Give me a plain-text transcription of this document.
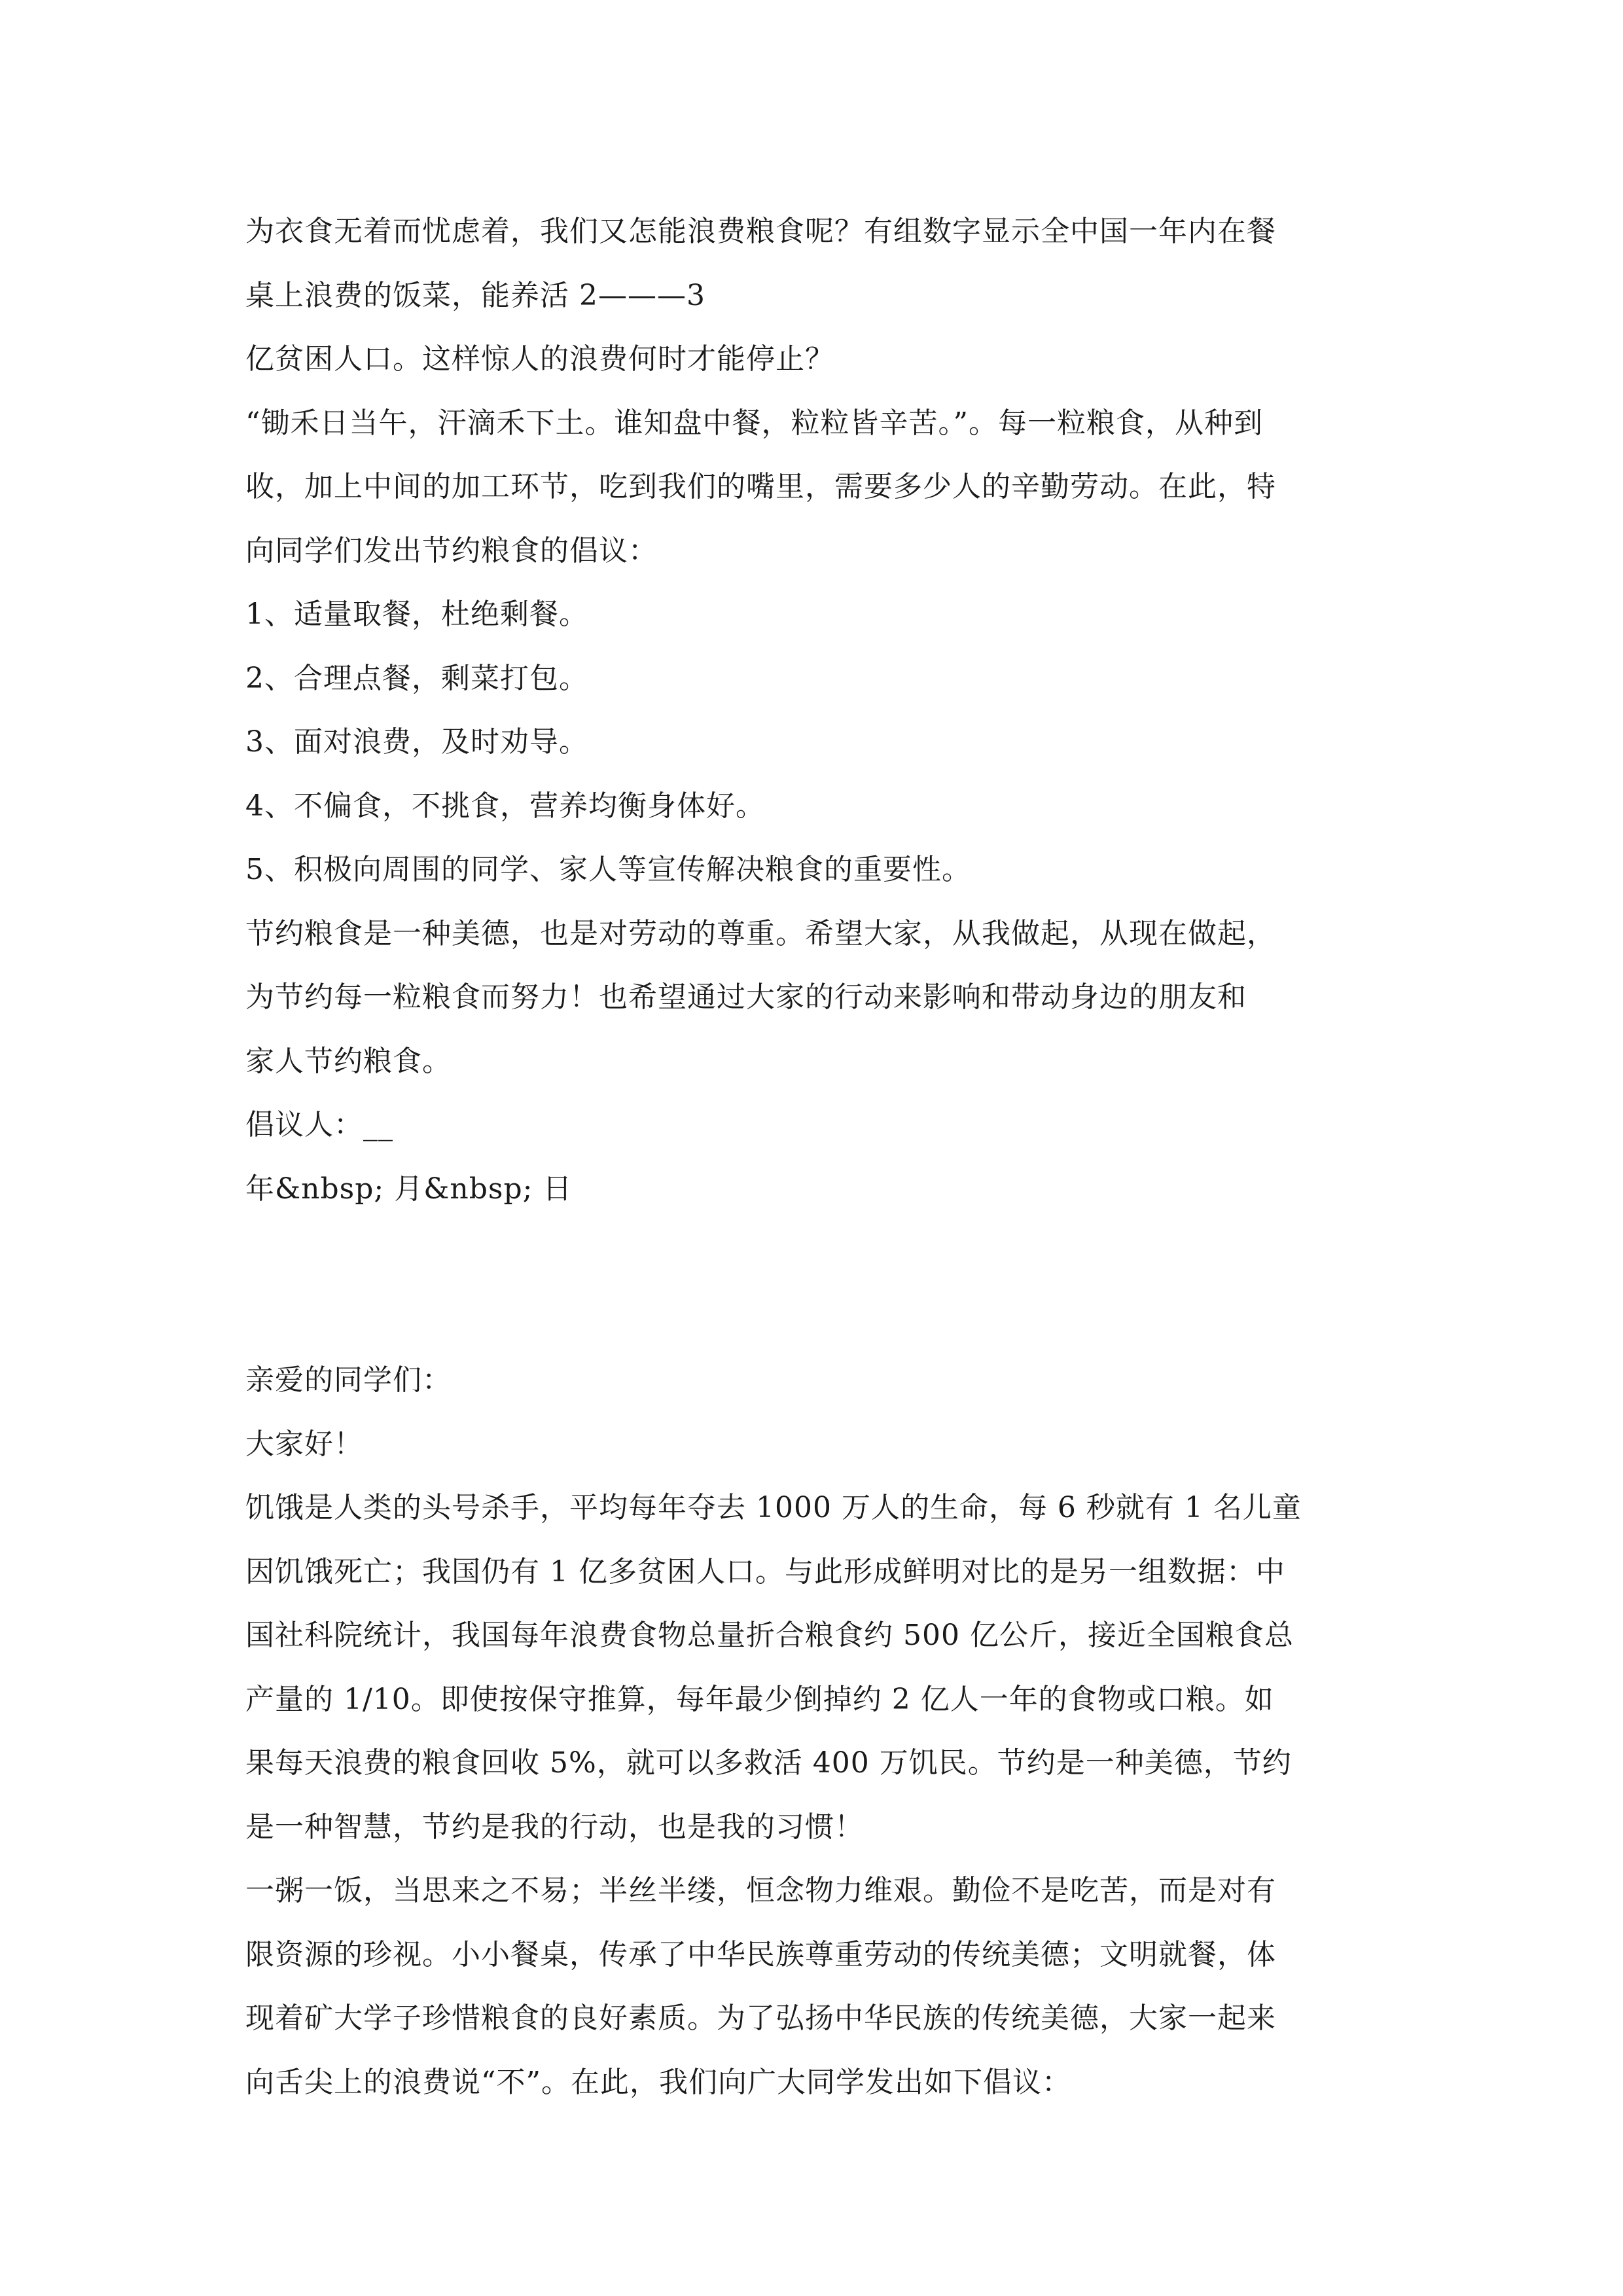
为衣食无着而忧虑着，我们又怎能浪费粮食呢？有组数字显示全中国一年内在餐
桌上浪费的饭菜，能养活 2———3
亿贫困人口。这样惊人的浪费何时才能停止？
“锄禾日当午，汗滴禾下土。谁知盘中餐，粒粒皆辛苦。”。每一粒粮食，从种到
收，加上中间的加工环节，吃到我们的嘴里，需要多少人的辛勤劳动。在此，特
向同学们发出节约粮食的倡议：
1、适量取餐，杜绝剩餐。
2、合理点餐，剩菜打包。
3、面对浪费，及时劝导。
4、不偏食，不挑食，营养均衡身体好。
5、积极向周围的同学、家人等宣传解决粮食的重要性。
节约粮食是一种美德，也是对劳动的尊重。希望大家，从我做起，从现在做起，
为节约每一粒粮食而努力！也希望通过大家的行动来影响和带动身边的朋友和
家人节约粮食。
倡议人：__
年&nbsp; 月&nbsp; 日
亲爱的同学们：
大家好！
饥饿是人类的头号杀手，平均每年夺去 1000 万人的生命，每 6 秒就有 1 名儿童
因饥饿死亡；我国仍有 1 亿多贫困人口。与此形成鲜明对比的是另一组数据：中
国社科院统计，我国每年浪费食物总量折合粮食约 500 亿公斤，接近全国粮食总
产量的 1/10。即使按保守推算，每年最少倒掉约 2 亿人一年的食物或口粮。如
果每天浪费的粮食回收 5%，就可以多救活 400 万饥民。节约是一种美德，节约
是一种智慧，节约是我的行动，也是我的习惯！
一粥一饭，当思来之不易；半丝半缕，恒念物力维艰。勤俭不是吃苦，而是对有
限资源的珍视。小小餐桌，传承了中华民族尊重劳动的传统美德；文明就餐，体
现着矿大学子珍惜粮食的良好素质。为了弘扬中华民族的传统美德，大家一起来
向舌尖上的浪费说“不”。在此，我们向广大同学发出如下倡议：
